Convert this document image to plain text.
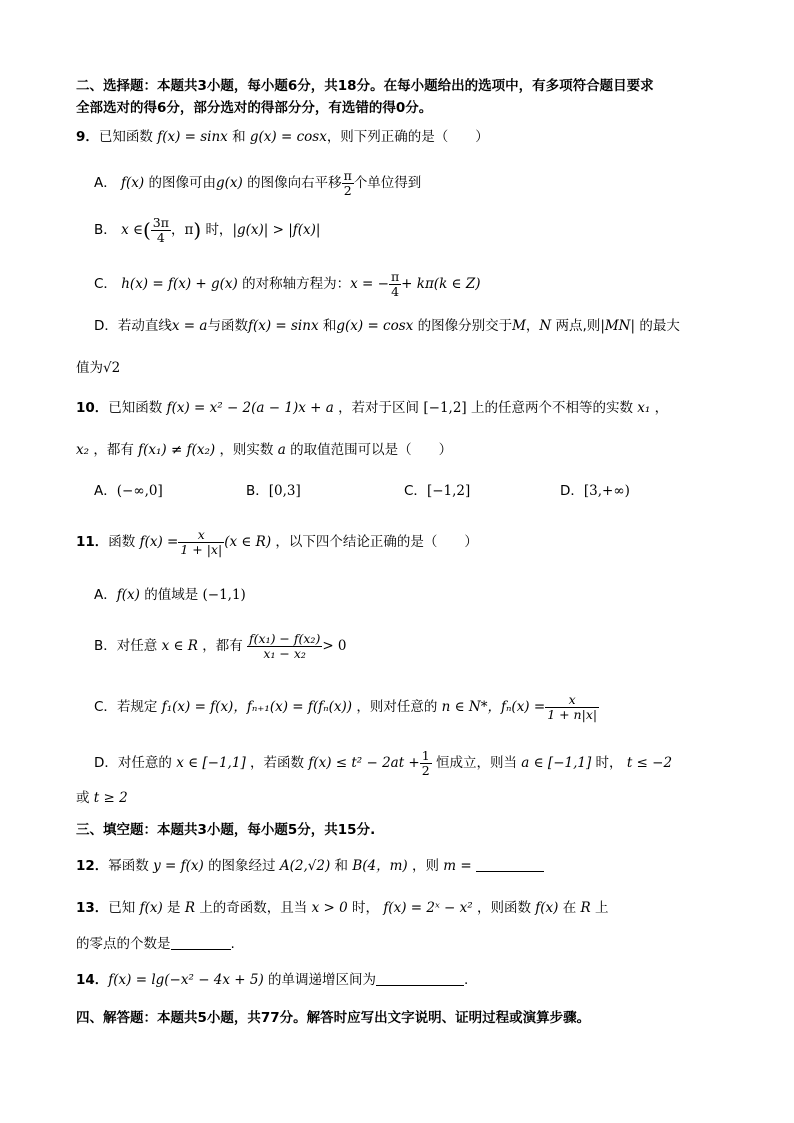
二、选择题：本题共3小题，每小题6分，共18分。在每小题给出的选项中，有多项符合题目要求
全部选对的得6分，部分选对的得部分分，有选错的得0分。
9．已知函数 f(x) = sinx 和 g(x) = cosx，则下列正确的是（　　）
A． f(x) 的图像可由g(x) 的图像向右平移 $\frac{\pi}{2}$ 个单位得到
B． x ∈( $\frac{3\pi}{4}$ ，π) 时，|g(x)| > |f(x)|
C． h(x) = f(x) + g(x) 的对称轴方程为：x = − $\frac{\pi}{4} + k\pi(k$ ∈ Z)
D．若动直线x = a与函数f(x) = sinx 和g(x) = cosx 的图像分别交于M，N 两点,则|MN| 的最大
值为√2
10．已知函数 f(x) = x² − 2(a − 1)x + a ，若对于区间 [−1,2] 上的任意两个不相等的实数 x₁ ，
x₂ ，都有 f(x₁) ≠ f(x₂) ，则实数 a 的取值范围可以是（　　）
A．(−∞,0]	B．[0,3]	C．[−1,2]	D．[3,+∞)
11．函数 $f(x) = \frac{x}{1 + |x|} (x$ ∈ R) ，以下四个结论正确的是（　　）
A．f(x) 的值域是 (−1,1)
B．对任意 x ∈ R ，都有 $\frac{\text{f(x₁) − f(x₂)}}{\text{x₁ − x₂}} > 0$
C．若规定 f₁(x) = f(x)，fₙ₊₁(x) = f(fₙ(x)) ，则对任意的 n ∈ N*，$f_n(x) = \frac{x}{1 + n|x|}$
D．对任意的 x ∈ [−1,1] ，若函数 $f(x) \le t^2 - 2at + \frac{1}{2}$ 恒成立，则当 a ∈ [−1,1] 时， t ≤ −2
或 t ≥ 2
三、填空题：本题共3小题，每小题5分，共15分.
12．幂函数 y = f(x) 的图象经过 A(2,√2) 和 B(4，m) ，则 m =
13．已知 f(x) 是 R 上的奇函数，且当 x > 0 时， f(x) = 2ˣ − x² ，则函数 f(x) 在 R 上
的零点的个数是	.
14．f(x) = lg(−x² − 4x + 5) 的单调递增区间为	.
四、解答题：本题共5小题，共77分。解答时应写出文字说明、证明过程或演算步骤。
